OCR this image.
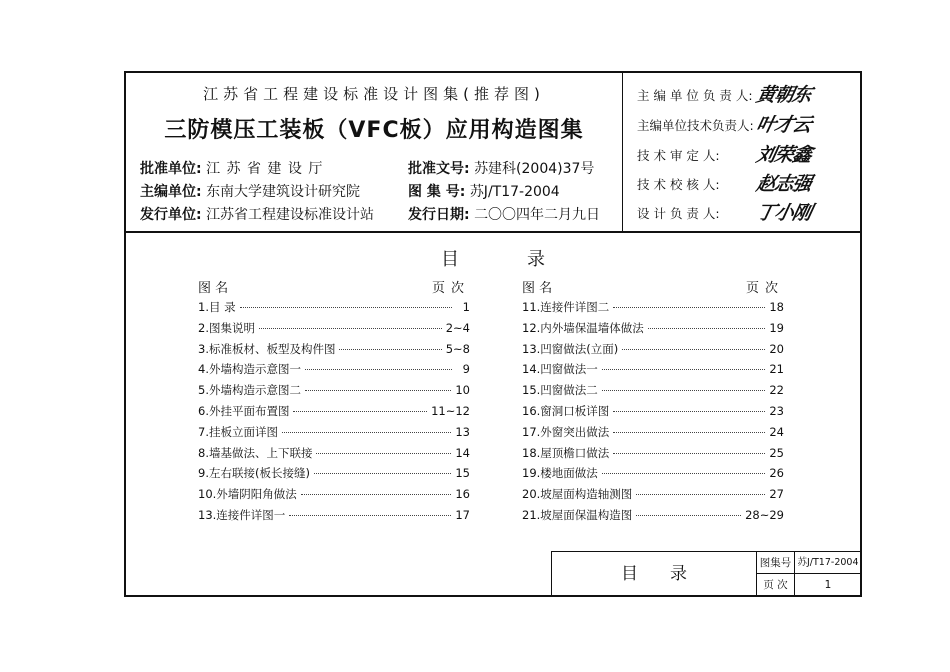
江苏省工程建设标准设计图集(推荐图)
三防模压工装板（VFC板）应用构造图集
批准单位: 江 苏 省 建 设 厅
主编单位: 东南大学建筑设计研究院
发行单位: 江苏省工程建设标准设计站
批准文号: 苏建科(2004)37号
图 集 号: 苏J/T17-2004
发行日期: 二〇〇四年二月九日
主 编 单 位 负 责 人: 黄朝东
主编单位技术负责人: 叶才云
技 术 审 定 人: 刘荣鑫
技 术 校 核 人: 赵志强
设 计 负 责 人: 丁小刚
目录
图 名	页次
1.目 录	1
2.图集说明	2~4
3.标准板材、板型及构件图	5~8
4.外墙构造示意图一	9
5.外墙构造示意图二	10
6.外挂平面布置图	11~12
7.挂板立面详图	13
8.墙基做法、上下联接	14
9.左右联接(板长接缝)	15
10.外墙阴阳角做法	16
13.连接件详图一	17
图 名	页次
11.连接件详图二	18
12.内外墙保温墙体做法	19
13.凹窗做法(立面)	20
14.凹窗做法一	21
15.凹窗做法二	22
16.窗洞口板详图	23
17.外窗突出做法	24
18.屋顶檐口做法	25
19.楼地面做法	26
20.坡屋面构造轴测图	27
21.坡屋面保温构造图	28~29
目录
图集号 苏J/T17-2004
页 次	1
